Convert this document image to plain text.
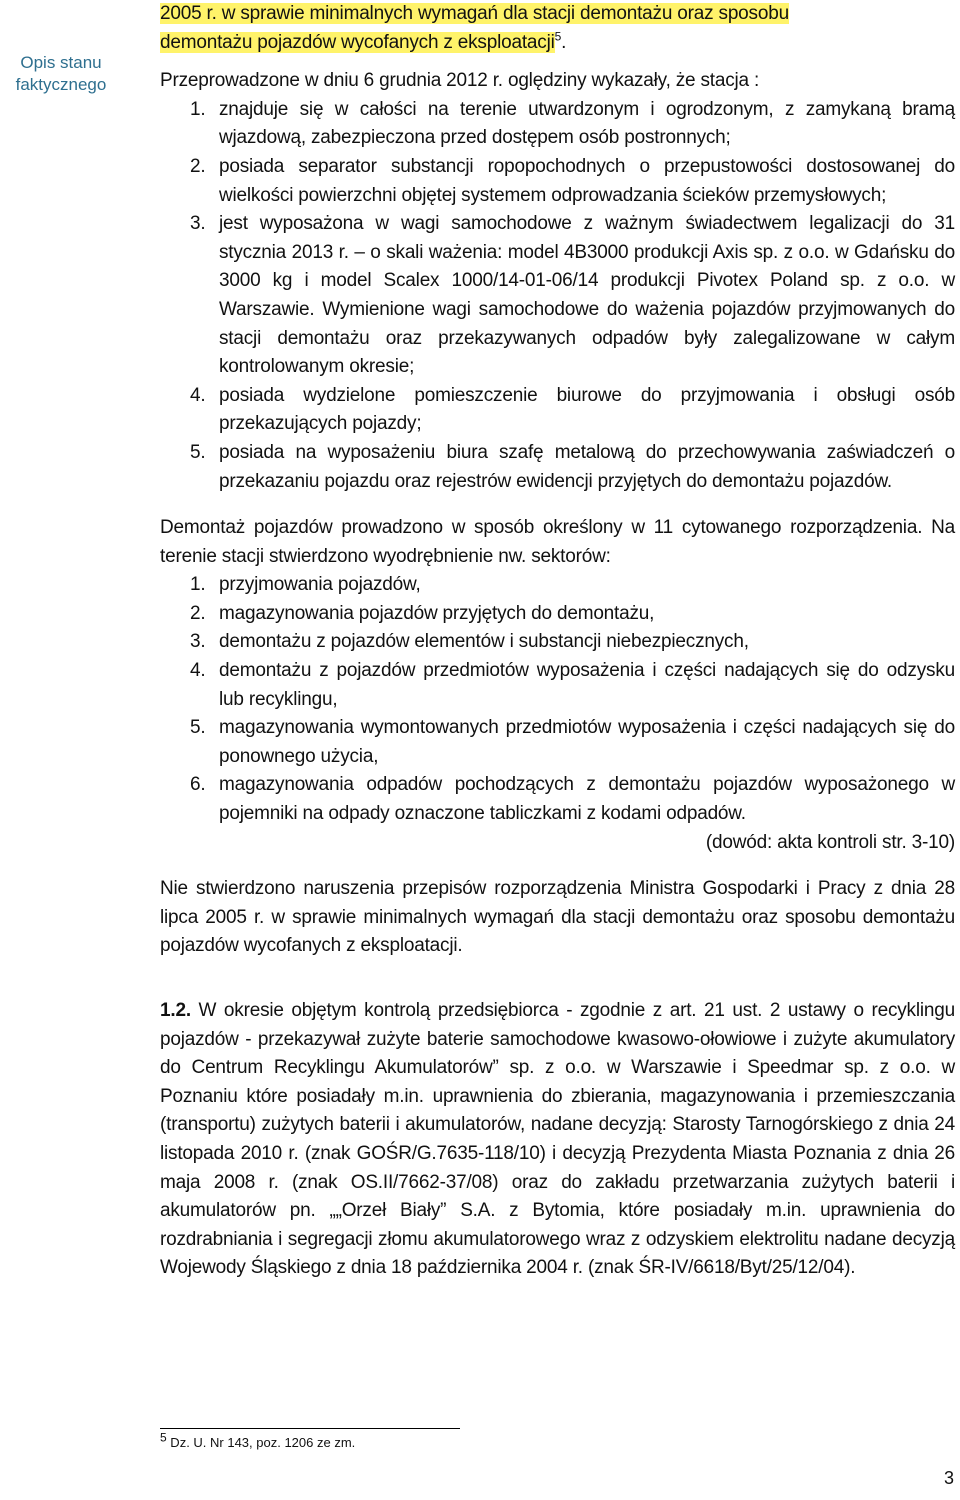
Opis stanu
faktycznego

2005 r. w sprawie minimalnych wymagań dla stacji demontażu oraz sposobu
demontażu pojazdów wycofanych z eksploatacji$^5$.

Przeprowadzone w dniu 6 grudnia 2012 r. oględziny wykazały, że stacja :

1. znajduje się w całości na terenie utwardzonym i ogrodzonym, z zamykaną bramą wjazdową, zabezpieczona przed dostępem osób postronnych;
2. posiada separator substancji ropopochodnych o przepustowości dostosowanej do wielkości powierzchni objętej systemem odprowadzania ścieków przemysłowych;
3. jest wyposażona w wagi samochodowe z ważnym świadectwem legalizacji do 31 stycznia 2013 r. – o skali ważenia: model 4B3000 produkcji Axis sp. z o.o. w Gdańsku do 3000 kg i model Scalex 1000/14-01-06/14 produkcji Pivotex Poland sp. z o.o. w Warszawie. Wymienione wagi samochodowe do ważenia pojazdów przyjmowanych do stacji demontażu oraz przekazywanych odpadów były zalegalizowane w całym kontrolowanym okresie;
4. posiada wydzielone pomieszczenie biurowe do przyjmowania i obsługi osób przekazujących pojazdy;
5. posiada na wyposażeniu biura szafę metalową do przechowywania zaświadczeń o przekazaniu pojazdu oraz rejestrów ewidencji przyjętych do demontażu pojazdów.

Demontaż pojazdów prowadzono w sposób określony w 11 cytowanego rozporządzenia. Na terenie stacji stwierdzono wyodrębnienie nw. sektorów:

1. przyjmowania pojazdów,
2. magazynowania pojazdów przyjętych do demontażu,
3. demontażu z pojazdów elementów i substancji niebezpiecznych,
4. demontażu z pojazdów przedmiotów wyposażenia i części nadających się do odzysku lub recyklingu,
5. magazynowania wymontowanych przedmiotów wyposażenia i części nadających się do ponownego użycia,
6. magazynowania odpadów pochodzących z demontażu pojazdów wyposażonego w pojemniki na odpady oznaczone tabliczkami z kodami odpadów.

(dowód: akta kontroli str. 3-10)

Nie stwierdzono naruszenia przepisów rozporządzenia Ministra Gospodarki i Pracy z dnia 28 lipca 2005 r. w sprawie minimalnych wymagań dla stacji demontażu oraz sposobu demontażu pojazdów wycofanych z eksploatacji.

1.2. W okresie objętym kontrolą przedsiębiorca - zgodnie z art. 21 ust. 2 ustawy o recyklingu pojazdów - przekazywał zużyte baterie samochodowe kwasowo-ołowiowe i zużyte akumulatory do Centrum Recyklingu Akumulatorów” sp. z o.o. w Warszawie i Speedmar sp. z o.o. w Poznaniu które posiadały m.in. uprawnienia do zbierania, magazynowania i przemieszczania (transportu) zużytych baterii i akumulatorów, nadane decyzją: Starosty Tarnogórskiego z dnia 24 listopada 2010 r. (znak GOŚR/G.7635-118/10) i decyzją Prezydenta Miasta Poznania z dnia 26 maja 2008 r. (znak OS.II/7662-37/08) oraz do zakładu przetwarzania zużytych baterii i akumulatorów pn. „„Orzeł Biały” S.A. z Bytomia, które posiadały m.in. uprawnienia do rozdrabniania i segregacji złomu akumulatorowego wraz z odzyskiem elektrolitu nadane decyzją Wojewody Śląskiego z dnia 18 października 2004 r. (znak ŚR-IV/6618/Byt/25/12/04).

5 Dz. U. Nr 143, poz. 1206 ze zm.
3
